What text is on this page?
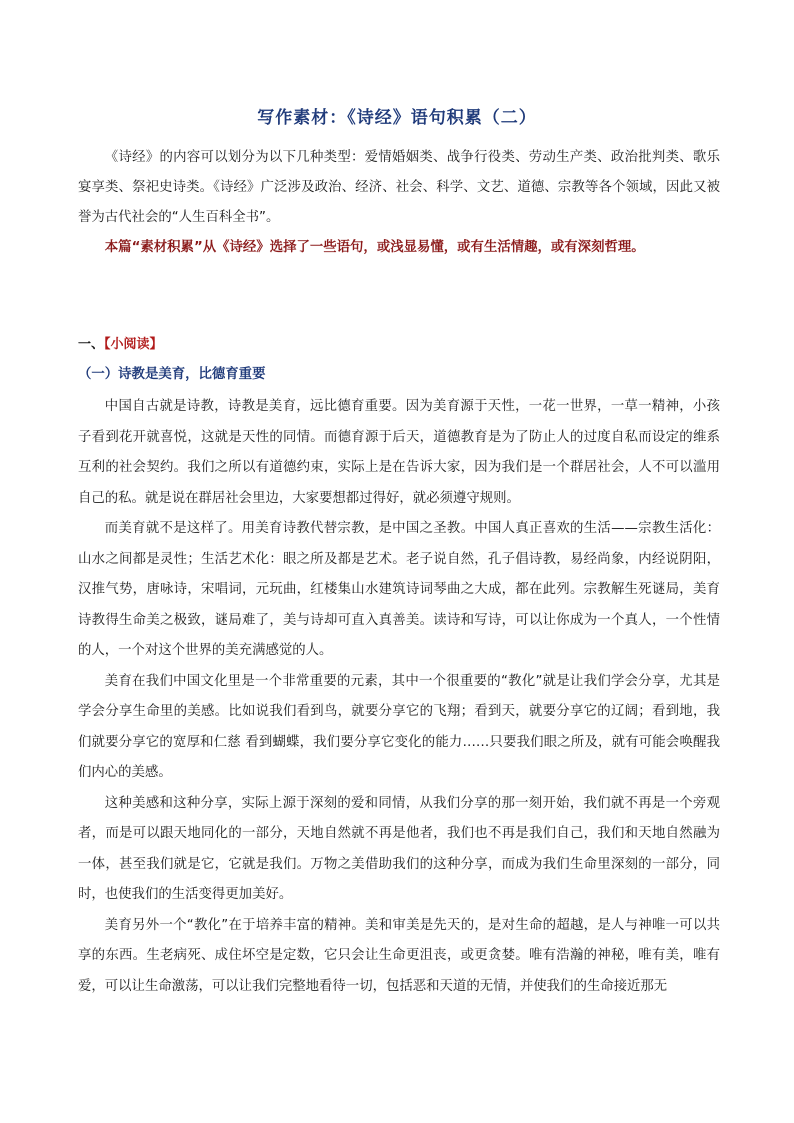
写作素材：《诗经》语句积累（二）
《诗经》的内容可以划分为以下几种类型：爱情婚姻类、战争行役类、劳动生产类、政治批判类、歌乐宴享类、祭祀史诗类。《诗经》广泛涉及政治、经济、社会、科学、文艺、道德、宗教等各个领域，因此又被誉为古代社会的“人生百科全书”。
本篇“素材积累”从《诗经》选择了一些语句，或浅显易懂，或有生活情趣，或有深刻哲理。
一、【小阅读】
（一）诗教是美育，比德育重要

中国自古就是诗教，诗教是美育，远比德育重要。因为美育源于天性，一花一世界，一草一精神，小孩子看到花开就喜悦，这就是天性的同情。而德育源于后天，道德教育是为了防止人的过度自私而设定的维系互利的社会契约。我们之所以有道德约束，实际上是在告诉大家，因为我们是一个群居社会，人不可以滥用自己的私。就是说在群居社会里边，大家要想都过得好，就必须遵守规则。

而美育就不是这样了。用美育诗教代替宗教，是中国之圣教。中国人真正喜欢的生活——宗教生活化：山水之间都是灵性；生活艺术化：眼之所及都是艺术。老子说自然，孔子倡诗教，易经尚象，内经说阴阳，汉推气势，唐咏诗，宋唱词，元玩曲，红楼集山水建筑诗词琴曲之大成，都在此列。宗教解生死谜局，美育诗教得生命美之极致，谜局难了，美与诗却可直入真善美。读诗和写诗，可以让你成为一个真人，一个性情的人，一个对这个世界的美充满感觉的人。

美育在我们中国文化里是一个非常重要的元素，其中一个很重要的“教化”就是让我们学会分享，尤其是学会分享生命里的美感。比如说我们看到鸟，就要分享它的飞翔；看到天，就要分享它的辽阔；看到地，我们就要分享它的宽厚和仁慈 看到蝴蝶，我们要分享它变化的能力……只要我们眼之所及，就有可能会唤醒我们内心的美感。

这种美感和这种分享，实际上源于深刻的爱和同情，从我们分享的那一刻开始，我们就不再是一个旁观者，而是可以跟天地同化的一部分，天地自然就不再是他者，我们也不再是我们自己，我们和天地自然融为一体，甚至我们就是它，它就是我们。万物之美借助我们的这种分享，而成为我们生命里深刻的一部分，同时，也使我们的生活变得更加美好。

美育另外一个“教化”在于培养丰富的精神。美和审美是先天的，是对生命的超越，是人与神唯一可以共享的东西。生老病死、成住坏空是定数，它只会让生命更沮丧，或更贪婪。唯有浩瀚的神秘，唯有美，唯有爱，可以让生命激荡，可以让我们完整地看待一切，包括恶和天道的无情，并使我们的生命接近那无
